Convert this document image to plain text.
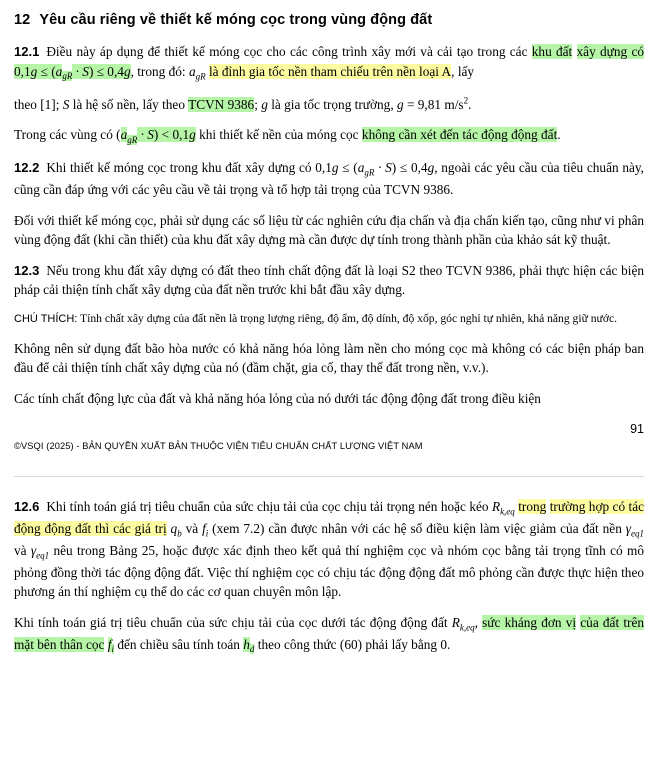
12 Yêu cầu riêng về thiết kế móng cọc trong vùng động đất

12.1 Điều này áp dụng để thiết kế móng cọc cho các công trình xây mới và cải tạo trong các khu đất xây dựng có $0,1g \le (a_{gR} \cdot S) \le 0,4g$, trong đó: $a_{gR}$ là đỉnh gia tốc nền tham chiếu trên nền loại A, lấy

theo [1]; S là hệ số nền, lấy theo TCVN 9386; g là gia tốc trọng trường, g = 9,81 $m/s^2$.

Trong các vùng có $(a_{gR} \cdot S) < 0,1g$ khi thiết kế nền của móng cọc không cần xét đến tác động động đất.

12.2 Khi thiết kế móng cọc trong khu đất xây dựng có $0,1g \le (a_{gR} \cdot S) \le 0,4g$, ngoài các yêu cầu của tiêu chuẩn này, cũng cần đáp ứng với các yêu cầu về tải trọng và tổ hợp tải trọng của TCVN 9386.

Đối với thiết kế móng cọc, phải sử dụng các số liệu từ các nghiên cứu địa chấn và địa chấn kiến tạo, cũng như vi phân vùng động đất (khi cần thiết) của khu đất xây dựng mà cần được dự tính trong thành phần của khảo sát kỹ thuật.

12.3 Nếu trong khu đất xây dựng có đất theo tính chất động đất là loại S2 theo TCVN 9386, phải thực hiện các biện pháp cải thiện tính chất xây dựng của đất nền trước khi bắt đầu xây dựng.

CHÚ THÍCH: Tính chất xây dựng của đất nền là trọng lượng riêng, độ ẩm, độ dính, độ xốp, góc nghỉ tự nhiên, khả năng giữ nước.

Không nên sử dụng đất bão hòa nước có khả năng hóa lỏng làm nền cho móng cọc mà không có các biện pháp ban đầu để cải thiện tính chất xây dựng của nó (đầm chặt, gia cố, thay thế đất trong nền, v.v.).

Các tính chất động lực của đất và khả năng hóa lỏng của nó dưới tác động động đất trong điều kiện

91

©VSQI (2025) - BẢN QUYỀN XUẤT BẢN THUỘC VIỆN TIÊU CHUẨN CHẤT LƯỢNG VIỆT NAM

12.6 Khi tính toán giá trị tiêu chuẩn của sức chịu tải của cọc chịu tải trọng nén hoặc kéo $R_{k,eq}$ trong trường hợp có tác động động đất thì các giá trị $q_b$ và $f_i$ (xem 7.2) cần được nhân với các hệ số điều kiện làm việc giảm của đất nền $\gamma_{eq1}$ và $\gamma_{eq1}$ nêu trong Bảng 25, hoặc được xác định theo kết quả thí nghiệm cọc và nhóm cọc bằng tải trọng tĩnh có mô phỏng đồng thời tác động động đất. Việc thí nghiệm cọc có chịu tác động động đất mô phỏng cần được thực hiện theo phương án thí nghiệm cụ thể do các cơ quan chuyên môn lập.

Khi tính toán giá trị tiêu chuẩn của sức chịu tải của cọc dưới tác động động đất $R_{k,eq}$, sức kháng đơn vị của đất trên mặt bên thân cọc $f_i$ đến chiều sâu tính toán $h_d$ theo công thức (60) phải lấy bằng 0.
